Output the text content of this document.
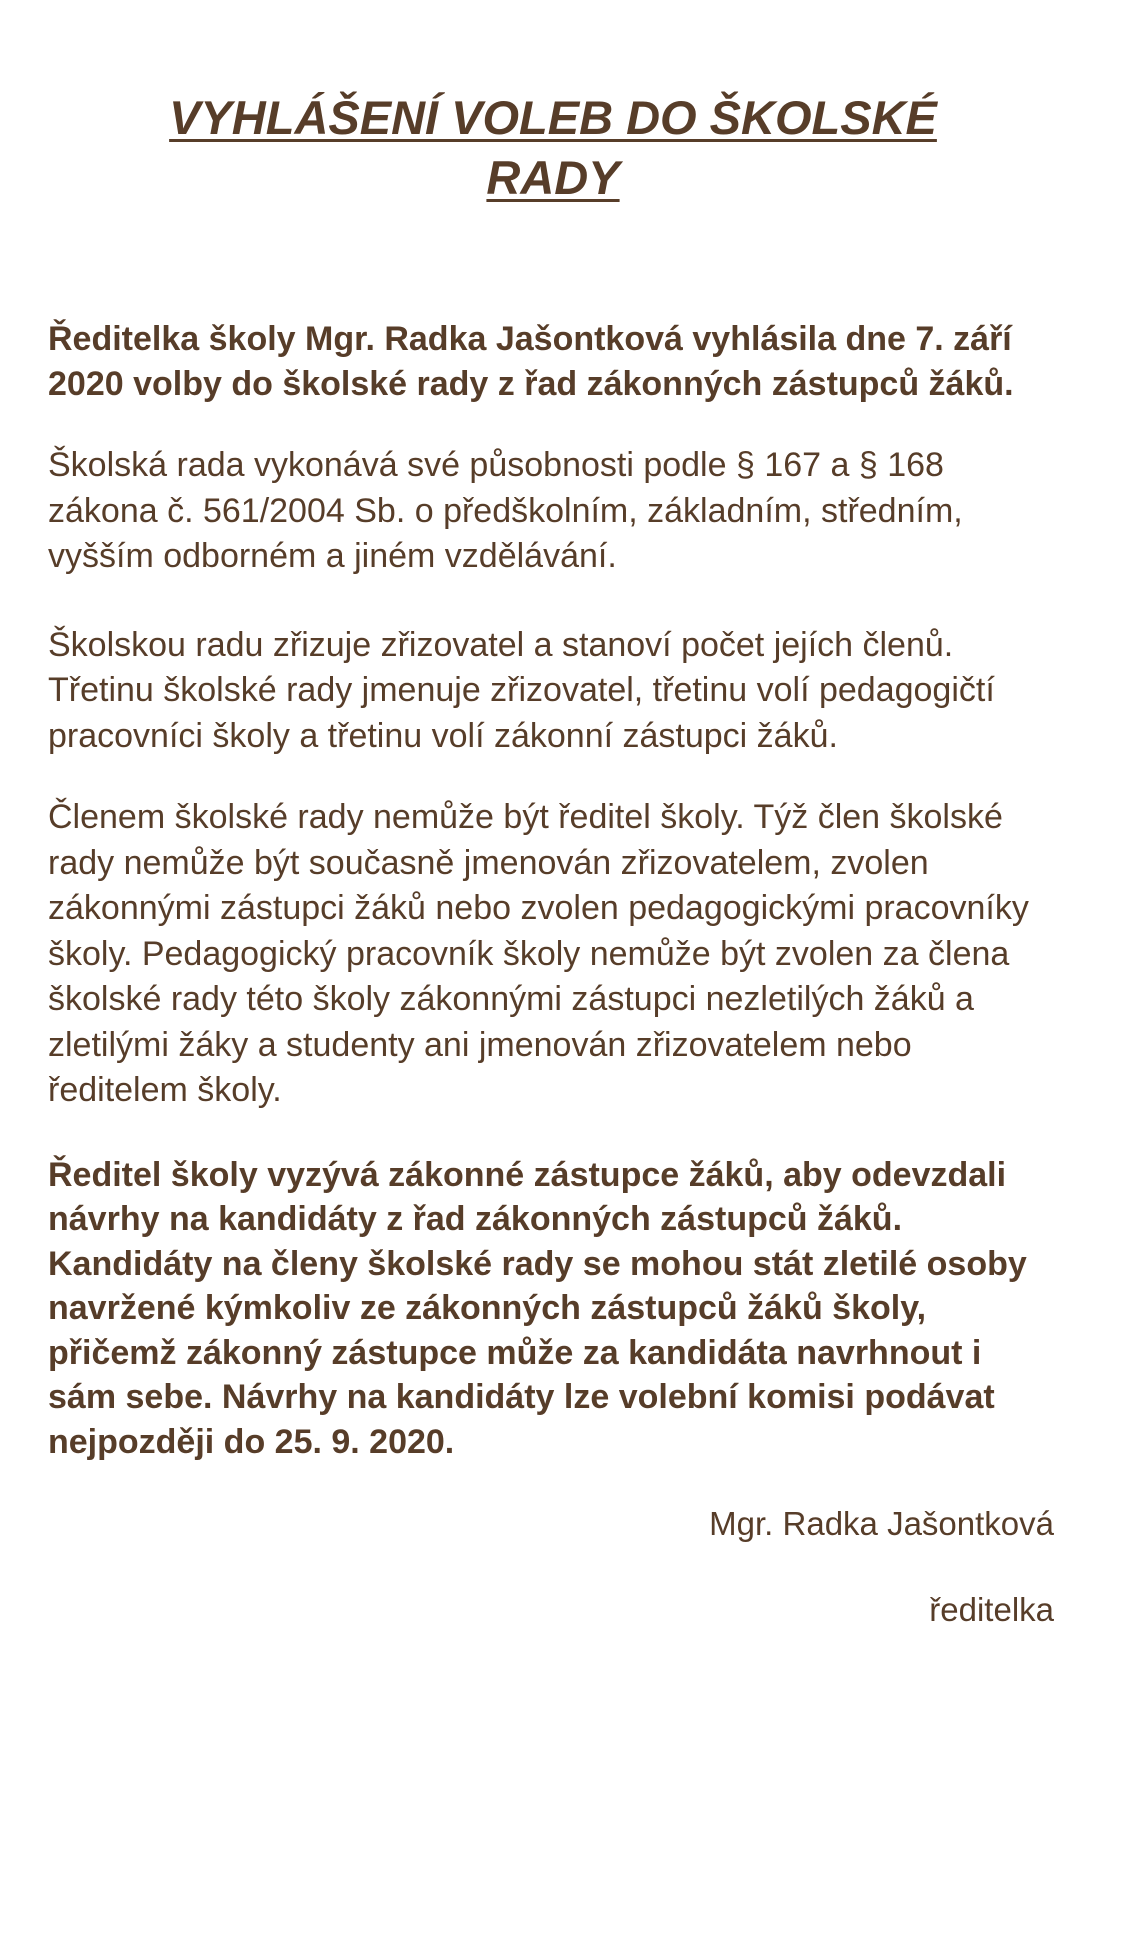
VYHLÁŠENÍ VOLEB DO ŠKOLSKÉ
RADY

Ředitelka školy Mgr. Radka Jašontková vyhlásila dne 7. září 2020 volby do školské rady z řad zákonných zástupců žáků.

Školská rada vykonává své působnosti podle § 167 a § 168 zákona č. 561/2004 Sb. o předškolním, základním, středním, vyšším odborném a jiném vzdělávání.

Školskou radu zřizuje zřizovatel a stanoví počet jejích členů. Třetinu školské rady jmenuje zřizovatel, třetinu volí pedagogičtí pracovníci školy a třetinu volí zákonní zástupci žáků.

Členem školské rady nemůže být ředitel školy. Týž člen školské rady nemůže být současně jmenován zřizovatelem, zvolen zákonnými zástupci žáků nebo zvolen pedagogickými pracovníky školy. Pedagogický pracovník školy nemůže být zvolen za člena školské rady této školy zákonnými zástupci nezletilých žáků a zletilými žáky a studenty ani jmenován zřizovatelem nebo ředitelem školy.

Ředitel školy vyzývá zákonné zástupce žáků, aby odevzdali návrhy na kandidáty z řad zákonných zástupců žáků. Kandidáty na členy školské rady se mohou stát zletilé osoby navržené kýmkoliv ze zákonných zástupců žáků školy, přičemž zákonný zástupce může za kandidáta navrhnout i sám sebe. Návrhy na kandidáty lze volební komisi podávat nejpozději do 25. 9. 2020.

Mgr. Radka Jašontková

ředitelka
